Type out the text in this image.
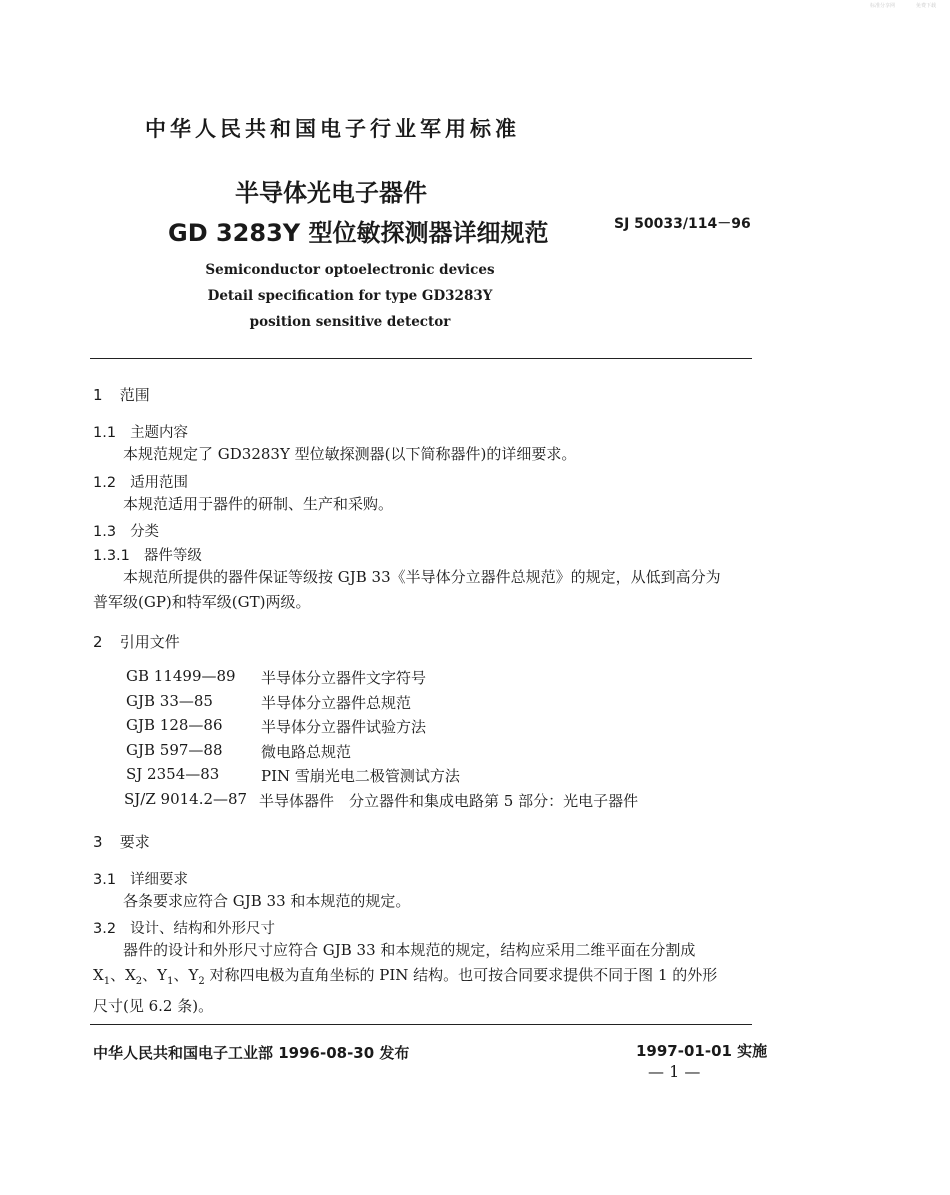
标准分享网	免费下载
中华人民共和国电子行业军用标准
半导体光电子器件
GD 3283Y 型位敏探测器详细规范	SJ 50033/114－96
Semiconductor optoelectronic devices
Detail specification for type GD3283Y
position sensitive detector
1 范围
1.1 主题内容
本规范规定了 GD3283Y 型位敏探测器(以下简称器件)的详细要求。
1.2 适用范围
本规范适用于器件的研制、生产和采购。
1.3 分类
1.3.1 器件等级
本规范所提供的器件保证等级按 GJB 33《半导体分立器件总规范》的规定，从低到高分为
普军级(GP)和特军级(GT)两级。
2 引用文件
GB 11499—89 半导体分立器件文字符号
GJB 33—85	半导体分立器件总规范
GJB 128—86	半导体分立器件试验方法
GJB 597—88	微电路总规范
SJ 2354—83	PIN 雪崩光电二极管测试方法
SJ/Z 9014.2—87 半导体器件　分立器件和集成电路第 5 部分：光电子器件
3 要求
3.1 详细要求
各条要求应符合 GJB 33 和本规范的规定。
3.2 设计、结构和外形尺寸
器件的设计和外形尺寸应符合 GJB 33 和本规范的规定，结构应采用二维平面在分割成
$X_1$、$X_2$、$Y_1$、$Y_2$ 对称四电极为直角坐标的 PIN 结构。也可按合同要求提供不同于图 1 的外形
尺寸(见 6.2 条)。
中华人民共和国电子工业部 1996-08-30 发布	1997-01-01 实施
— 1 —
